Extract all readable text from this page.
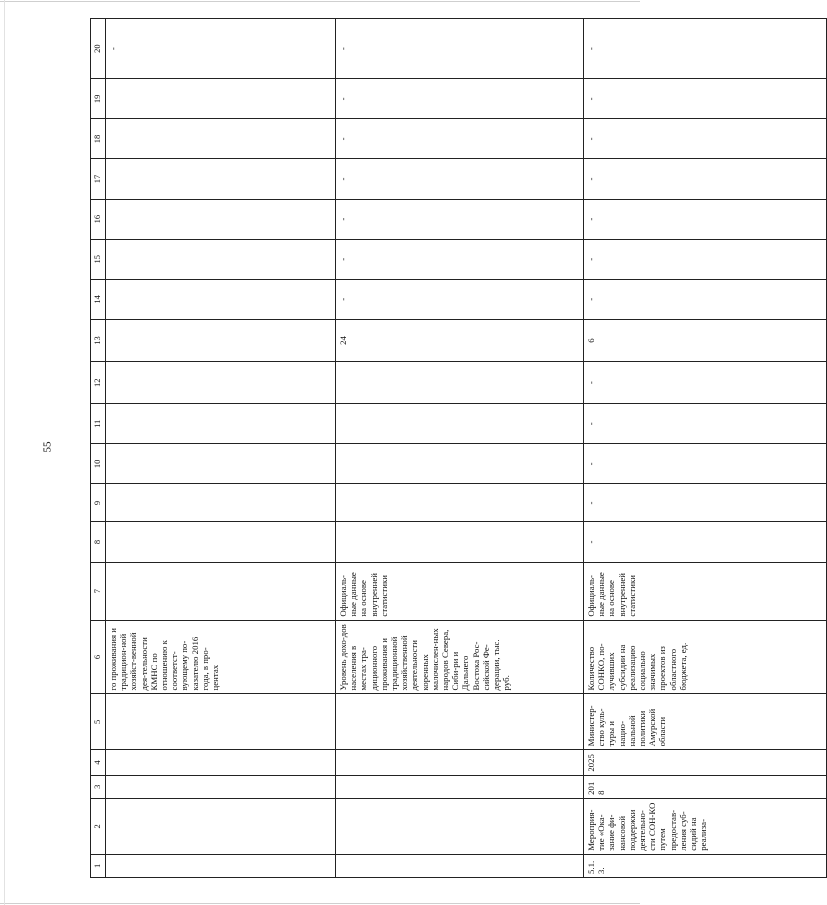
55
1	2	3	4	5	6	7	8	9	10	11	12	13	14	15	16	17	18	19	20
					го проживания и традицион-ной хозяйст-венной дея-тельности КМНС по отношению к соответст-вующему по-казателю 2016 года, в про-центах														-
					Уровень дохо-дов населения в местах тра-диционного проживания и традиционной хозяйственной деятельности коренных малочислен-ных народов Севера, Сиби-ри и Дальнего Востока Рос-сийской Фе-дерации, тыс. руб.	Официаль-ные данные на основе внутренней статистики						24	-	-	-	-	-	-	-
5.1.3.	Мероприя-тие «Ока-зание фи-нансовой поддержки деятельно-сти СОН-КО путем предостав-ления суб-сидий на реализа-	2018	2025	Министер-ство куль-туры и нацио-нальной политики Амурской области	Количество СОНКО, по-лучивших субсидии на реализацию социально значимых проектов из областного бюджета, ед.	Официаль-ные данные на основе внутренней статистики	-	-	-	-	-	6	-	-	-	-	-	-	-
